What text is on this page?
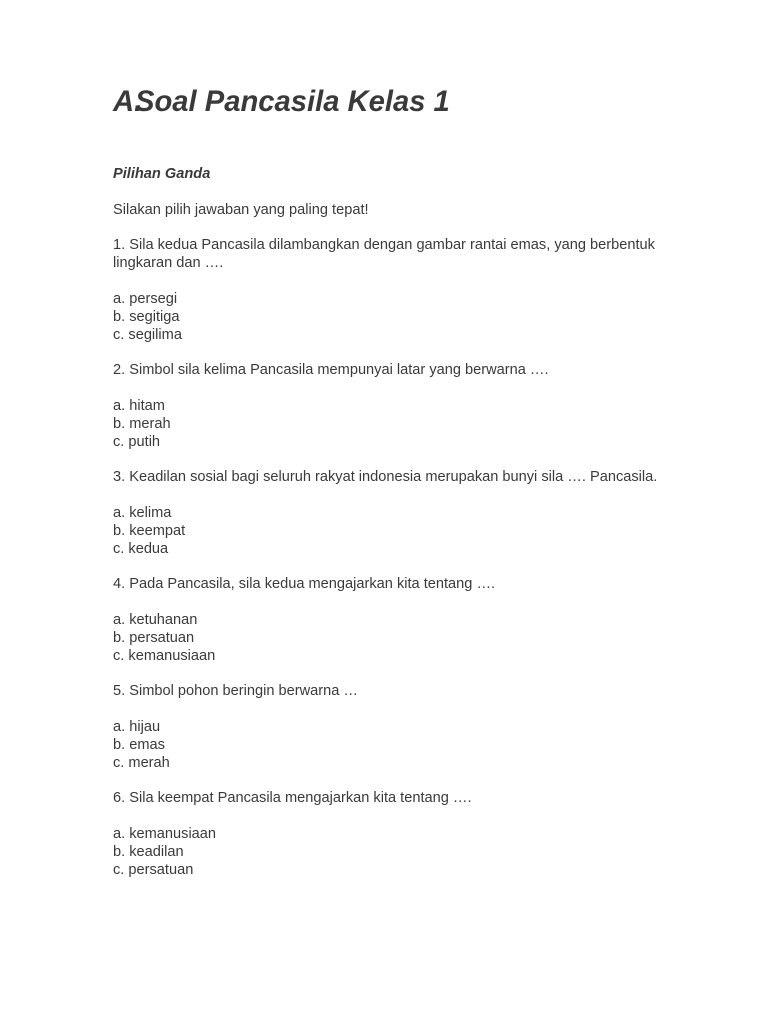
A.
Soal Pancasila Kelas 1

Pilihan Ganda

Silakan pilih jawaban yang paling tepat!

1. Sila kedua Pancasila dilambangkan dengan gambar rantai emas, yang berbentuk lingkaran dan ….

a. persegi

b. segitiga

c. segilima

2. Simbol sila kelima Pancasila mempunyai latar yang berwarna ….

a. hitam

b. merah

c. putih

3. Keadilan sosial bagi seluruh rakyat indonesia merupakan bunyi sila …. Pancasila.

a. kelima

b. keempat

c. kedua

4. Pada Pancasila, sila kedua mengajarkan kita tentang ….

a. ketuhanan

b. persatuan

c. kemanusiaan

5. Simbol pohon beringin berwarna …

a. hijau

b. emas

c. merah

6. Sila keempat Pancasila mengajarkan kita tentang ….

a. kemanusiaan

b. keadilan

c. persatuan
